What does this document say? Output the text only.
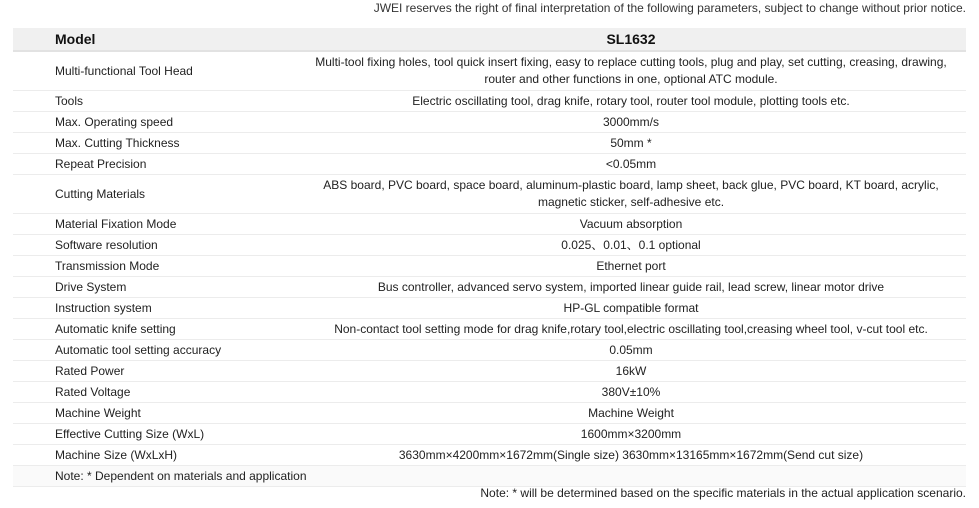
JWEI reserves the right of final interpretation of the following parameters, subject to change without prior notice.
Model	SL1632
Multi-functional Tool Head	Multi-tool fixing holes, tool quick insert fixing, easy to replace cutting tools, plug and play, set cutting, creasing, drawing, router and other functions in one, optional ATC module.
Tools	Electric oscillating tool, drag knife, rotary tool, router tool module, plotting tools etc.
Max. Operating speed	3000mm/s
Max. Cutting Thickness	50mm *
Repeat Precision	<0.05mm
Cutting Materials	ABS board, PVC board, space board, aluminum-plastic board, lamp sheet, back glue, PVC board, KT board, acrylic, magnetic sticker, self-adhesive etc.
Material Fixation Mode	Vacuum absorption
Software resolution	0.025、0.01、0.1 optional
Transmission Mode	Ethernet port
Drive System	Bus controller, advanced servo system, imported linear guide rail, lead screw, linear motor drive
Instruction system	HP-GL compatible format
Automatic knife setting	Non-contact tool setting mode for drag knife,rotary tool,electric oscillating tool,creasing wheel tool, v-cut tool etc.
Automatic tool setting accuracy	0.05mm
Rated Power	16kW
Rated Voltage	380V±10%
Machine Weight	Machine Weight
Effective Cutting Size (WxL)	1600mm×3200mm
Machine Size (WxLxH)	3630mm×4200mm×1672mm(Single size) 3630mm×13165mm×1672mm(Send cut size)
Note: * Dependent on materials and application	
Note: * will be determined based on the specific materials in the actual application scenario.
